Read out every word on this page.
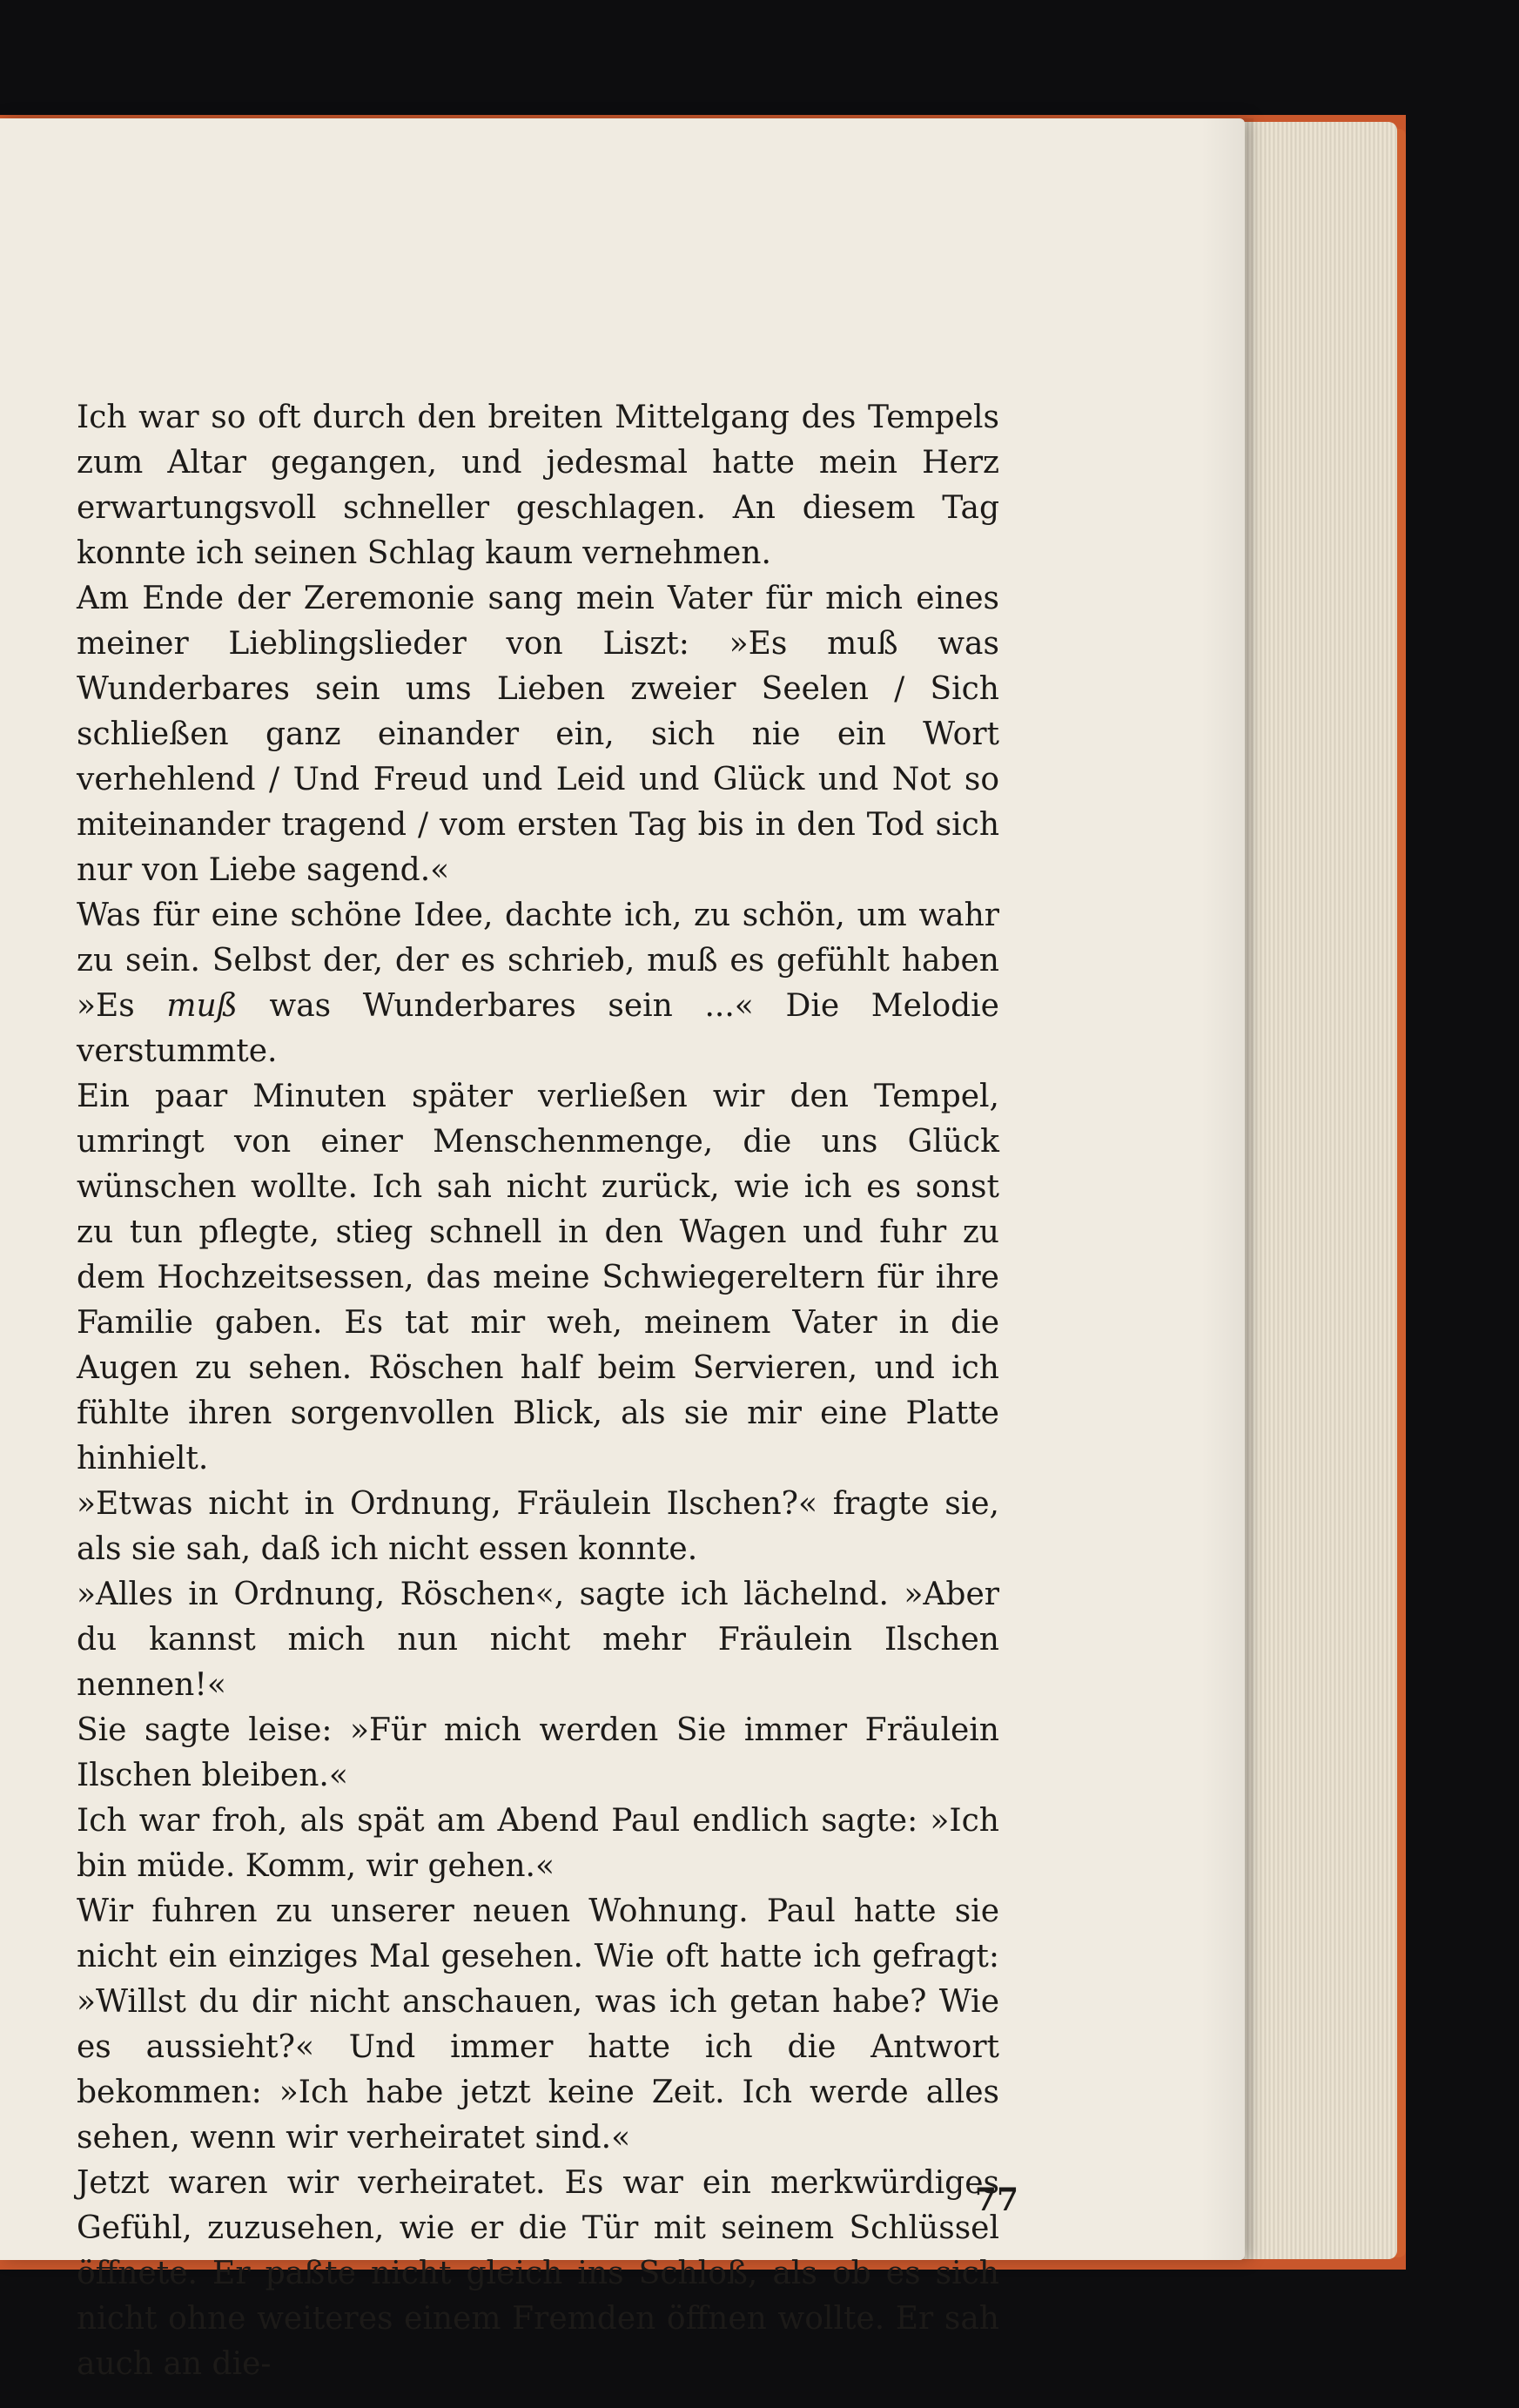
Ich war so oft durch den breiten Mittelgang des Tempels zum Altar gegangen, und jedesmal hatte mein Herz erwartungsvoll schneller geschlagen. An diesem Tag konnte ich seinen Schlag kaum vernehmen.

Am Ende der Zeremonie sang mein Vater für mich eines meiner Lieblingslieder von Liszt: »Es muß was Wunderbares sein ums Lieben zweier Seelen / Sich schließen ganz einander ein, sich nie ein Wort verhehlend / Und Freud und Leid und Glück und Not so miteinander tragend / vom ersten Tag bis in den Tod sich nur von Liebe sagend.«

Was für eine schöne Idee, dachte ich, zu schön, um wahr zu sein. Selbst der, der es schrieb, muß es gefühlt haben »Es muß was Wunderbares sein ...« Die Melodie verstummte.

Ein paar Minuten später verließen wir den Tempel, umringt von einer Menschenmenge, die uns Glück wünschen wollte. Ich sah nicht zurück, wie ich es sonst zu tun pflegte, stieg schnell in den Wagen und fuhr zu dem Hochzeitsessen, das meine Schwiegereltern für ihre Familie gaben. Es tat mir weh, meinem Vater in die Augen zu sehen. Röschen half beim Servieren, und ich fühlte ihren sorgenvollen Blick, als sie mir eine Platte hinhielt.

»Etwas nicht in Ordnung, Fräulein Ilschen?« fragte sie, als sie sah, daß ich nicht essen konnte.

»Alles in Ordnung, Röschen«, sagte ich lächelnd. »Aber du kannst mich nun nicht mehr Fräulein Ilschen nennen!«

Sie sagte leise: »Für mich werden Sie immer Fräulein Ilschen bleiben.«

Ich war froh, als spät am Abend Paul endlich sagte: »Ich bin müde. Komm, wir gehen.«

Wir fuhren zu unserer neuen Wohnung. Paul hatte sie nicht ein einziges Mal gesehen. Wie oft hatte ich gefragt: »Willst du dir nicht anschauen, was ich getan habe? Wie es aussieht?« Und immer hatte ich die Antwort bekommen: »Ich habe jetzt keine Zeit. Ich werde alles sehen, wenn wir verheiratet sind.«

Jetzt waren wir verheiratet. Es war ein merkwürdiges Gefühl, zuzusehen, wie er die Tür mit seinem Schlüssel öffnete. Er paßte nicht gleich ins Schloß, als ob es sich nicht ohne weiteres einem Fremden öffnen wollte. Er sah auch an die-

77
